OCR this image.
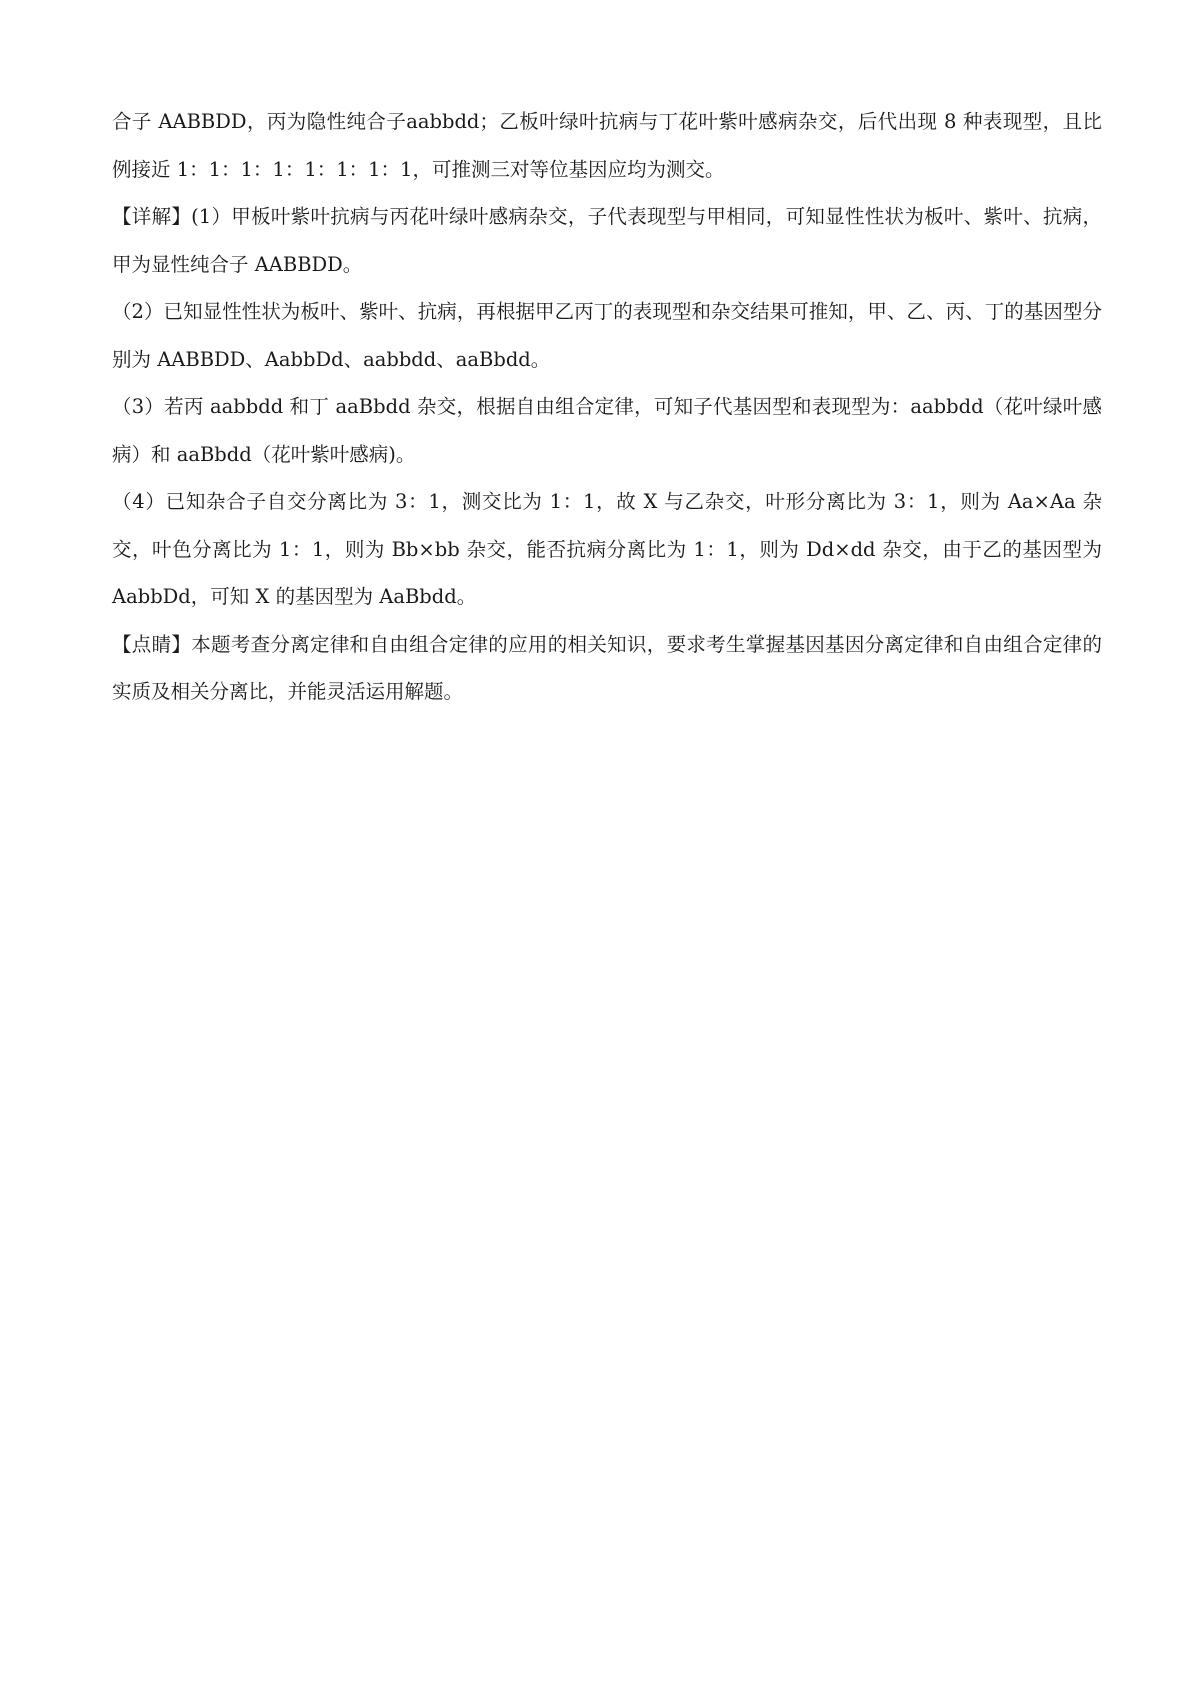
合子 AABBDD，丙为隐性纯合子aabbdd；乙板叶绿叶抗病与丁花叶紫叶感病杂交，后代出现 8 种表现型，且比例接近 1：1：1：1：1：1：1：1，可推测三对等位基因应均为测交。

【详解】(1）甲板叶紫叶抗病与丙花叶绿叶感病杂交，子代表现型与甲相同，可知显性性状为板叶、紫叶、抗病，甲为显性纯合子 AABBDD。

（2）已知显性性状为板叶、紫叶、抗病，再根据甲乙丙丁的表现型和杂交结果可推知，甲、乙、丙、丁的基因型分别为 AABBDD、AabbDd、aabbdd、aaBbdd。

（3）若丙 aabbdd 和丁 aaBbdd 杂交，根据自由组合定律，可知子代基因型和表现型为：aabbdd（花叶绿叶感病）和 aaBbdd（花叶紫叶感病)。

（4）已知杂合子自交分离比为 3：1，测交比为 1：1，故 X 与乙杂交，叶形分离比为 3：1，则为 Aa×Aa 杂交，叶色分离比为 1：1，则为 Bb×bb 杂交，能否抗病分离比为 1：1，则为 Dd×dd 杂交，由于乙的基因型为 AabbDd，可知 X 的基因型为 AaBbdd。

【点睛】本题考查分离定律和自由组合定律的应用的相关知识，要求考生掌握基因基因分离定律和自由组合定律的实质及相关分离比，并能灵活运用解题。
